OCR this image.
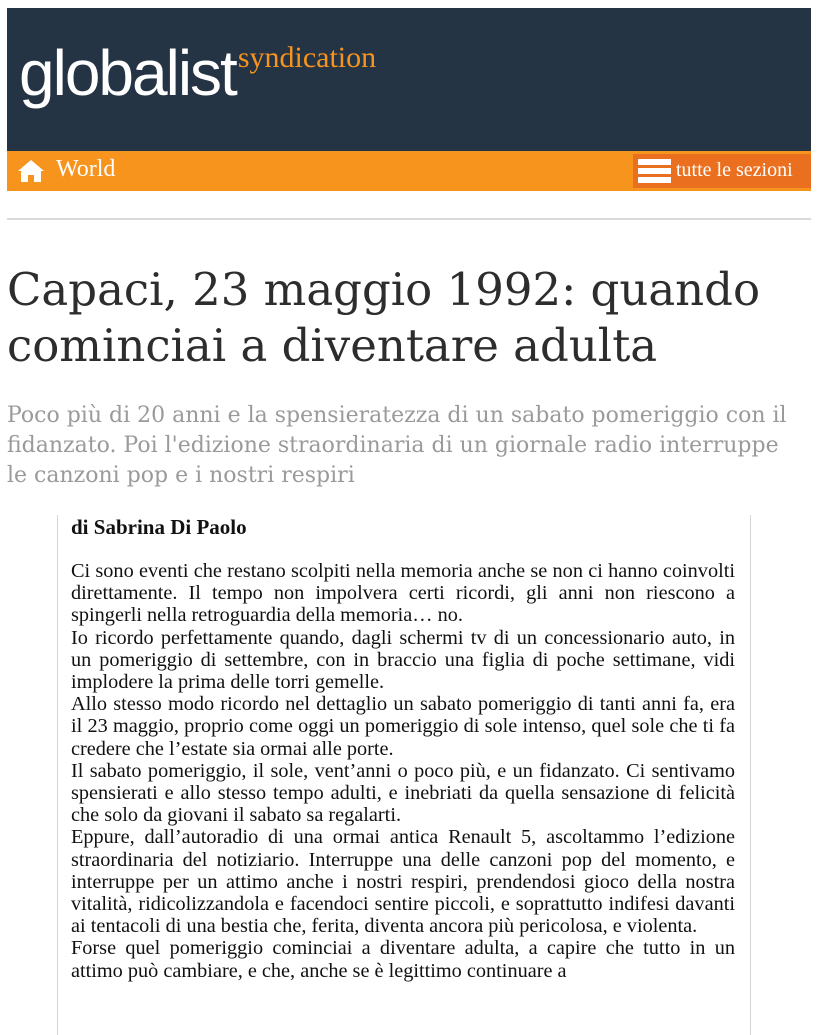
globalistsyndication
World	tutte le sezioni
Capaci, 23 maggio 1992: quando cominciai a diventare adulta

Poco più di 20 anni e la spensieratezza di un sabato pomeriggio con il fidanzato. Poi l'edizione straordinaria di un giornale radio interruppe le canzoni pop e i nostri respiri

di Sabrina Di Paolo

Ci sono eventi che restano scolpiti nella memoria anche se non ci hanno coinvolti direttamente. Il tempo non impolvera certi ricordi, gli anni non riescono a spingerli nella retroguardia della memoria… no.

Io ricordo perfettamente quando, dagli schermi tv di un concessionario auto, in un pomeriggio di settembre, con in braccio una figlia di poche settimane, vidi implodere la prima delle torri gemelle.

Allo stesso modo ricordo nel dettaglio un sabato pomeriggio di tanti anni fa, era il 23 maggio, proprio come oggi un pomeriggio di sole intenso, quel sole che ti fa credere che l’estate sia ormai alle porte.

Il sabato pomeriggio, il sole, vent’anni o poco più, e un fidanzato. Ci sentivamo spensierati e allo stesso tempo adulti, e inebriati da quella sensazione di felicità che solo da giovani il sabato sa regalarti.

Eppure, dall’autoradio di una ormai antica Renault 5, ascoltammo l’edizione straordinaria del notiziario. Interruppe una delle canzoni pop del momento, e interruppe per un attimo anche i nostri respiri, prendendosi gioco della nostra vitalità, ridicolizzandola e facendoci sentire piccoli, e soprattutto indifesi davanti ai tentacoli di una bestia che, ferita, diventa ancora più pericolosa, e violenta.

Forse quel pomeriggio cominciai a diventare adulta, a capire che tutto in un attimo può cambiare, e che, anche se è legittimo continuare a
